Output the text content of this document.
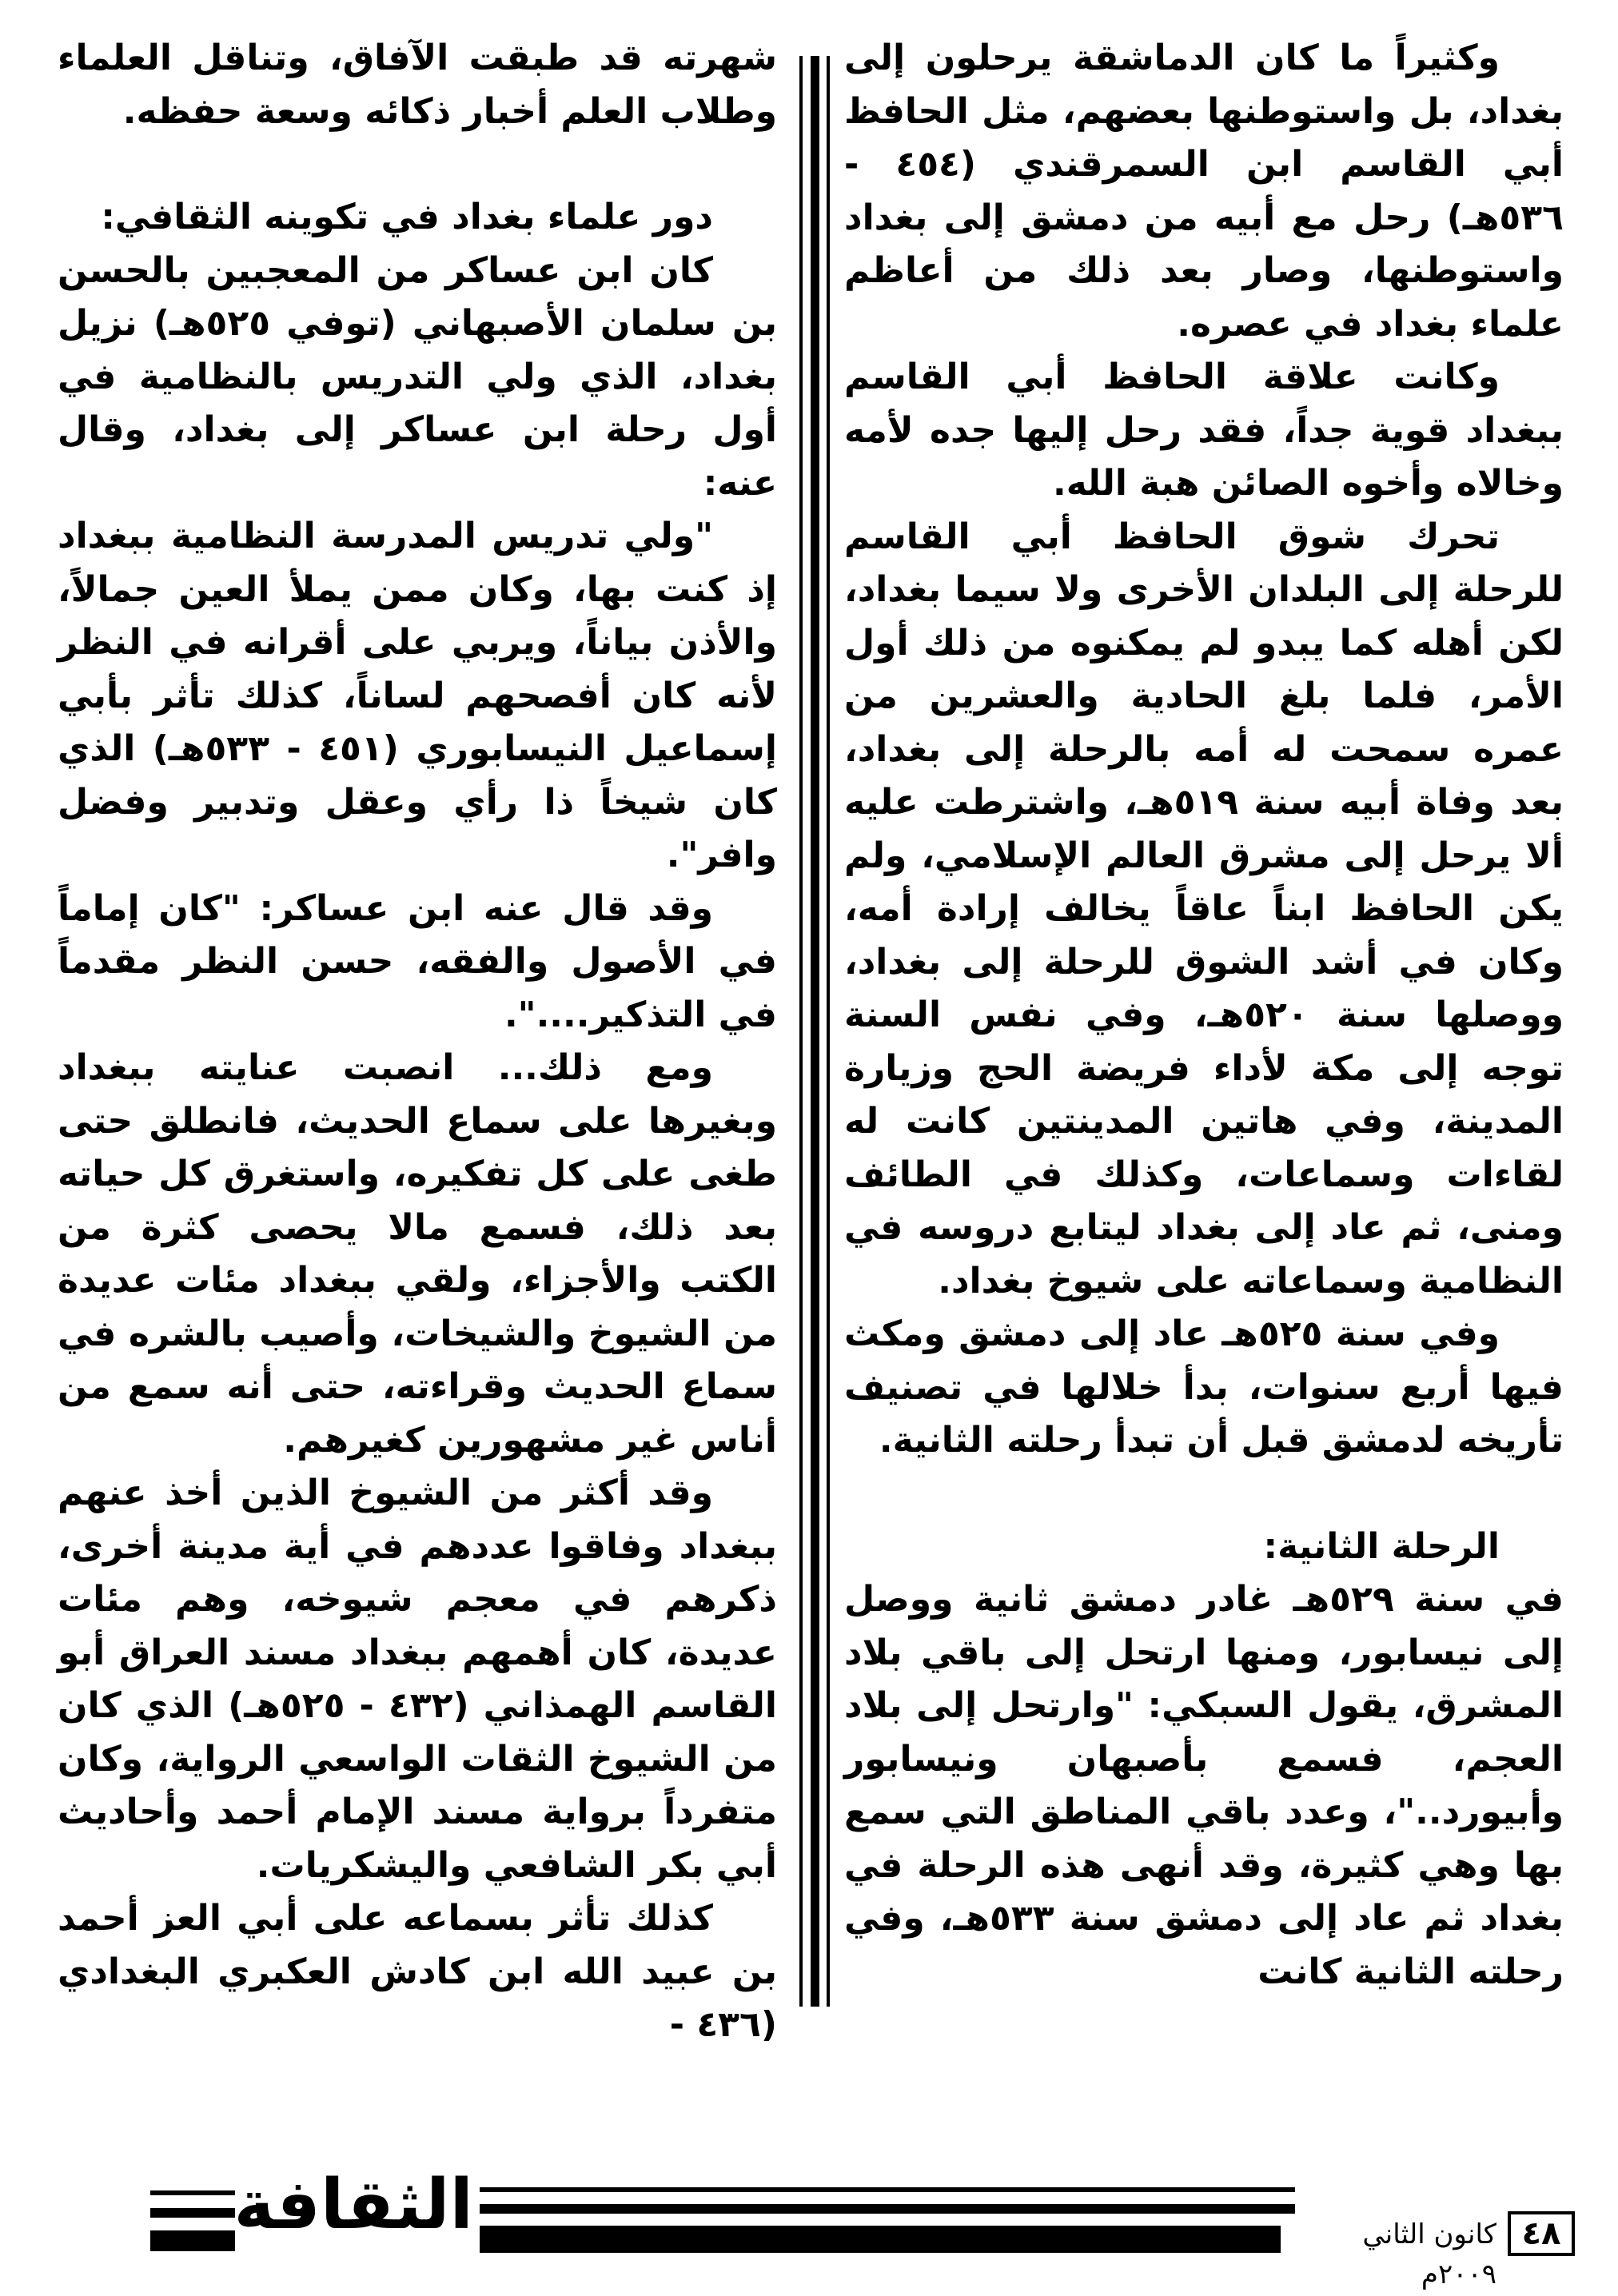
وكثيراً ما كان الدماشقة يرحلون إلى بغداد، بل واستوطنها بعضهم، مثل الحافظ أبي القاسم ابن السمرقندي (٤٥٤ - ٥٣٦هـ) رحل مع أبيه من دمشق إلى بغداد واستوطنها، وصار بعد ذلك من أعاظم علماء بغداد في عصره.

وكانت علاقة الحافظ أبي القاسم ببغداد قوية جداً، فقد رحل إليها جده لأمه وخالاه وأخوه الصائن هبة الله.

تحرك شوق الحافظ أبي القاسم للرحلة إلى البلدان الأخرى ولا سيما بغداد، لكن أهله كما يبدو لم يمكنوه من ذلك أول الأمر، فلما بلغ الحادية والعشرين من عمره سمحت له أمه بالرحلة إلى بغداد، بعد وفاة أبيه سنة ٥١٩هـ، واشترطت عليه ألا يرحل إلى مشرق العالم الإسلامي، ولم يكن الحافظ ابناً عاقاً يخالف إرادة أمه، وكان في أشد الشوق للرحلة إلى بغداد، ووصلها سنة ٥٢٠هـ، وفي نفس السنة توجه إلى مكة لأداء فريضة الحج وزيارة المدينة، وفي هاتين المدينتين كانت له لقاءات وسماعات، وكذلك في الطائف ومنى، ثم عاد إلى بغداد ليتابع دروسه في النظامية وسماعاته على شيوخ بغداد.

وفي سنة ٥٢٥هـ عاد إلى دمشق ومكث فيها أربع سنوات، بدأ خلالها في تصنيف تأريخه لدمشق قبل أن تبدأ رحلته الثانية.

الرحلة الثانية:

في سنة ٥٢٩هـ غادر دمشق ثانية ووصل إلى نيسابور، ومنها ارتحل إلى باقي بلاد المشرق، يقول السبكي: "وارتحل إلى بلاد العجم، فسمع بأصبهان ونيسابور وأبيورد.."، وعدد باقي المناطق التي سمع بها وهي كثيرة، وقد أنهى هذه الرحلة في بغداد ثم عاد إلى دمشق سنة ٥٣٣هـ، وفي رحلته الثانية كانت

شهرته قد طبقت الآفاق، وتناقل العلماء وطلاب العلم أخبار ذكائه وسعة حفظه.

دور علماء بغداد في تكوينه الثقافي:

كان ابن عساكر من المعجبين بالحسن بن سلمان الأصبهاني (توفي ٥٢٥هـ) نزيل بغداد، الذي ولي التدريس بالنظامية في أول رحلة ابن عساكر إلى بغداد، وقال عنه:

"ولي تدريس المدرسة النظامية ببغداد إذ كنت بها، وكان ممن يملأ العين جمالاً، والأذن بياناً، ويربي على أقرانه في النظر لأنه كان أفصحهم لساناً، كذلك تأثر بأبي إسماعيل النيسابوري (٤٥١ - ٥٣٣هـ) الذي كان شيخاً ذا رأي وعقل وتدبير وفضل وافر".

وقد قال عنه ابن عساكر: "كان إماماً في الأصول والفقه، حسن النظر مقدماً في التذكير....".

ومع ذلك... انصبت عنايته ببغداد وبغيرها على سماع الحديث، فانطلق حتى طغى على كل تفكيره، واستغرق كل حياته بعد ذلك، فسمع مالا يحصى كثرة من الكتب والأجزاء، ولقي ببغداد مئات عديدة من الشيوخ والشيخات، وأصيب بالشره في سماع الحديث وقراءته، حتى أنه سمع من أناس غير مشهورين كغيرهم.

وقد أكثر من الشيوخ الذين أخذ عنهم ببغداد وفاقوا عددهم في أية مدينة أخرى، ذكرهم في معجم شيوخه، وهم مئات عديدة، كان أهمهم ببغداد مسند العراق أبو القاسم الهمذاني (٤٣٢ - ٥٢٥هـ) الذي كان من الشيوخ الثقات الواسعي الرواية، وكان متفرداً برواية مسند الإمام أحمد وأحاديث أبي بكر الشافعي واليشكريات.

كذلك تأثر بسماعه على أبي العز أحمد بن عبيد الله ابن كادش العكبري البغدادي (٤٣٦ -

الثقافة	كانون الثاني ٢٠٠٩م
٤٨
